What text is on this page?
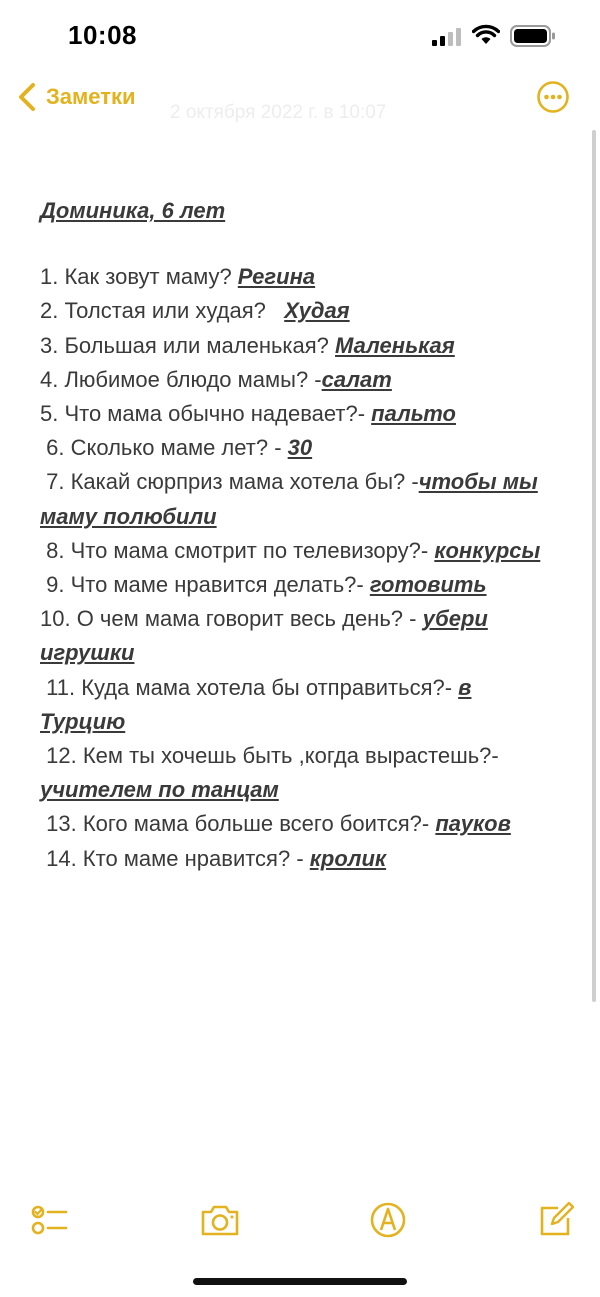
10:08
2 октября 2022 г. в 10:07
Заметки

Доминика, 6 лет

1. Как зовут маму? Регина

2. Толстая или худая?   Худая

3. Большая или маленькая? Маленькая

4. Любимое блюдо мамы? -салат

5. Что мама обычно надевает?- пальто

6. Сколько маме лет? - 30

7. Какай сюрприз мама хотела бы? -чтобы мы маму полюбили

8. Что мама смотрит по телевизору?- конкурсы

9. Что маме нравится делать?- готовить

10. О чем мама говорит весь день? - убери игрушки

11. Куда мама хотела бы отправиться?- в Турцию

12. Кем ты хочешь быть ,когда вырастешь?- учителем по танцам

13. Кого мама больше всего боится?- пауков

14. Кто маме нравится? - кролик
